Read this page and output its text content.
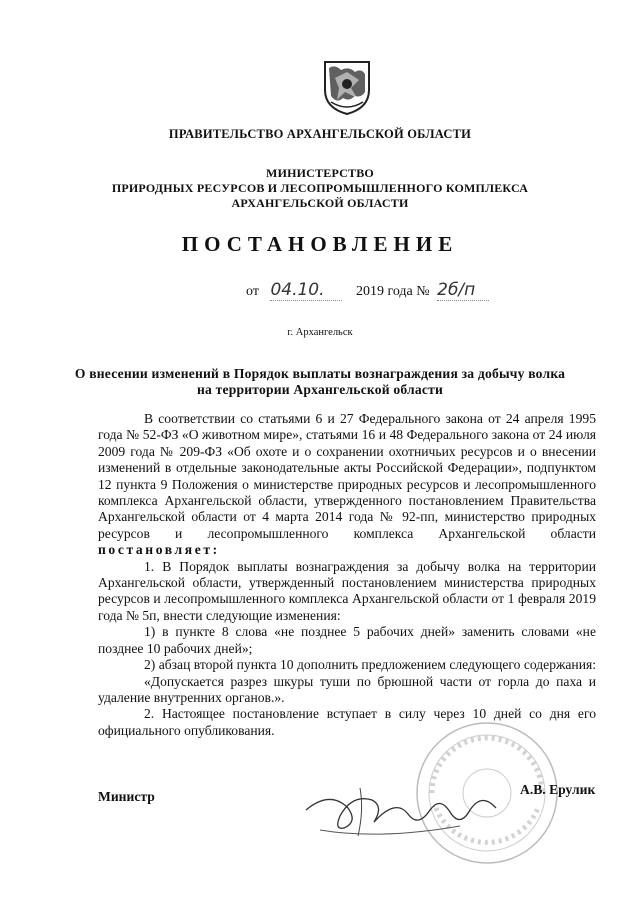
ПРАВИТЕЛЬСТВО АРХАНГЕЛЬСКОЙ ОБЛАСТИ
МИНИСТЕРСТВО
ПРИРОДНЫХ РЕСУРСОВ И ЛЕСОПРОМЫШЛЕННОГО КОМПЛЕКСА
АРХАНГЕЛЬСКОЙ ОБЛАСТИ
ПОСТАНОВЛЕНИЕ
от 04.10. 2019 года № 2б/п
г. Архангельск
О внесении изменений в Порядок выплаты вознаграждения за добычу волка
на территории Архангельской области

В соответствии со статьями 6 и 27 Федерального закона от 24 апреля 1995 года № 52-ФЗ «О животном мире», статьями 16 и 48 Федерального закона от 24 июля 2009 года № 209-ФЗ «Об охоте и о сохранении охотничьих ресурсов и о внесении изменений в отдельные законодательные акты Российской Федерации», подпунктом 12 пункта 9 Положения о министерстве природных ресурсов и лесопромышленного комплекса Архангельской области, утвержденного постановлением Правительства Архангельской области от 4 марта 2014 года № 92-пп, министерство природных ресурсов и лесопромышленного комплекса Архангельской области постановляет:

1. В Порядок выплаты вознаграждения за добычу волка на территории Архангельской области, утвержденный постановлением министерства природных ресурсов и лесопромышленного комплекса Архангельской области от 1 февраля 2019 года № 5п, внести следующие изменения:

1) в пункте 8 слова «не позднее 5 рабочих дней» заменить словами «не позднее 10 рабочих дней»;

2) абзац второй пункта 10 дополнить предложением следующего содержания:

«Допускается разрез шкуры туши по брюшной части от горла до паха и удаление внутренних органов.».

2. Настоящее постановление вступает в силу через 10 дней со дня его официального опубликования.

Министр	А.В. Ерулик
